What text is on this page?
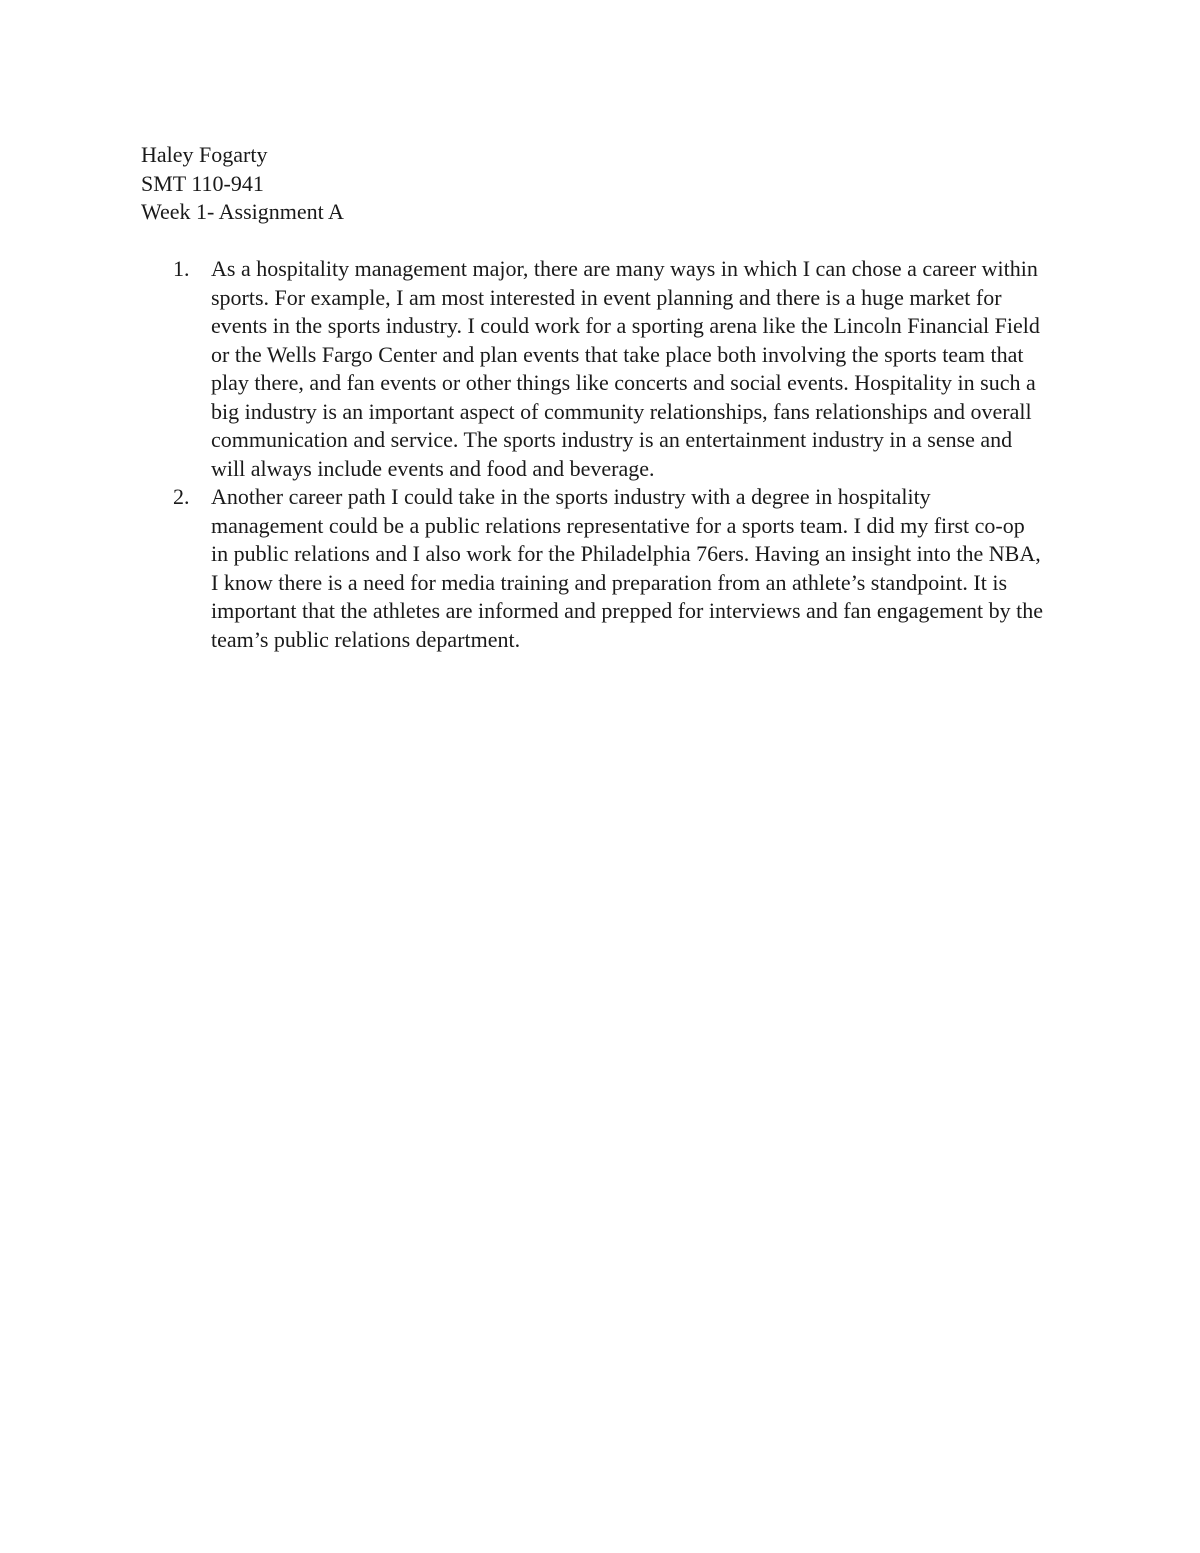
Haley Fogarty
SMT 110-941
Week 1- Assignment A
1. As a hospitality management major, there are many ways in which I can chose a career within sports. For example, I am most interested in event planning and there is a huge market for events in the sports industry. I could work for a sporting arena like the Lincoln Financial Field or the Wells Fargo Center and plan events that take place both involving the sports team that play there, and fan events or other things like concerts and social events. Hospitality in such a big industry is an important aspect of community relationships, fans relationships and overall communication and service. The sports industry is an entertainment industry in a sense and will always include events and food and beverage.
2. Another career path I could take in the sports industry with a degree in hospitality management could be a public relations representative for a sports team. I did my first co-op in public relations and I also work for the Philadelphia 76ers. Having an insight into the NBA, I know there is a need for media training and preparation from an athlete’s standpoint. It is important that the athletes are informed and prepped for interviews and fan engagement by the team’s public relations department.
